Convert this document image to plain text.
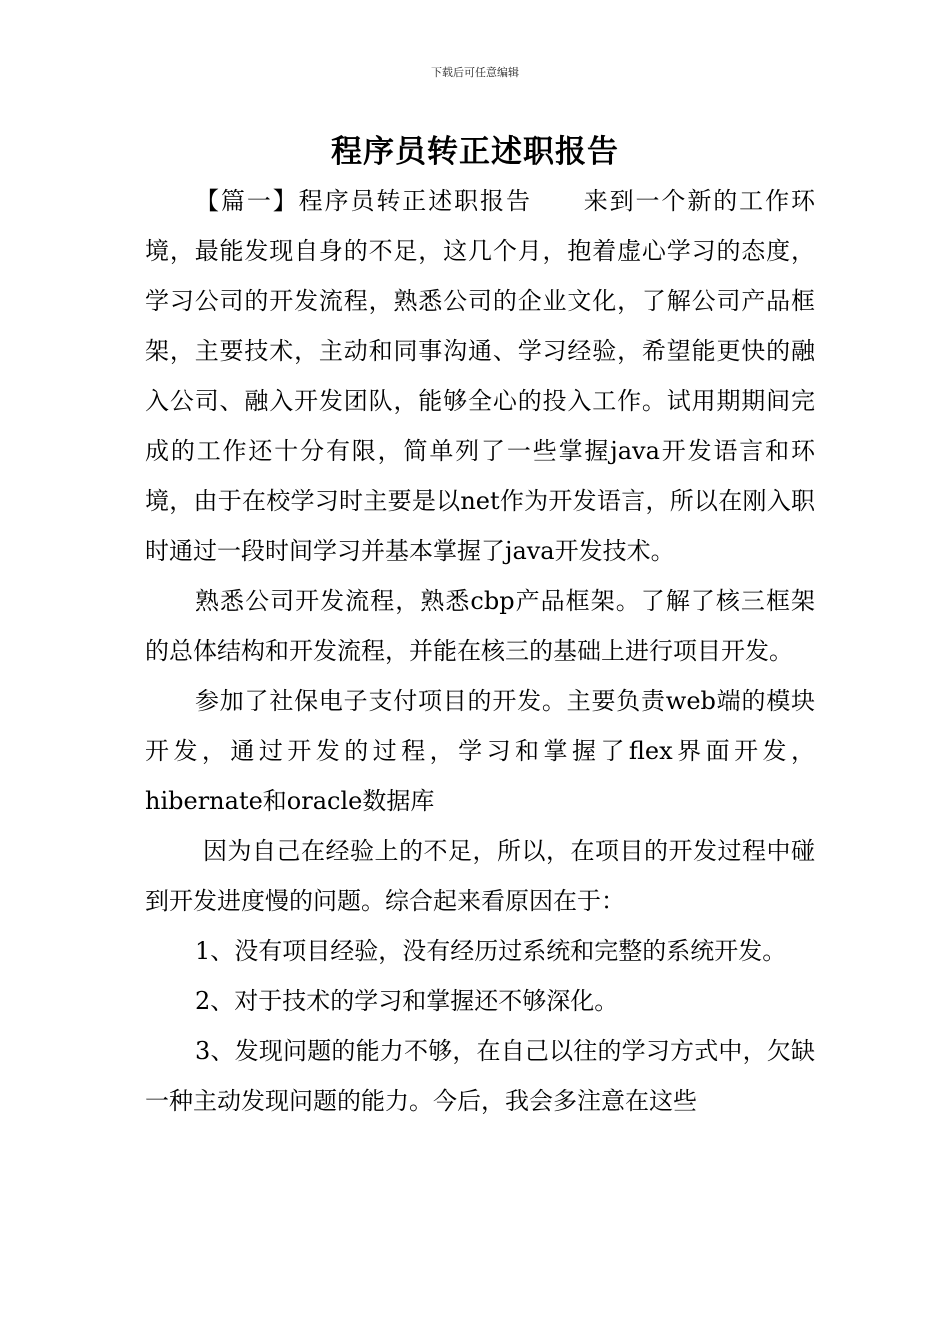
下载后可任意编辑
程序员转正述职报告

【篇一】程序员转正述职报告　　来到一个新的工作环境，最能发现自身的不足，这几个月，抱着虚心学习的态度，学习公司的开发流程，熟悉公司的企业文化，了解公司产品框架，主要技术，主动和同事沟通、学习经验，希望能更快的融入公司、融入开发团队，能够全心的投入工作。试用期期间完成的工作还十分有限，简单列了一些掌握java开发语言和环境，由于在校学习时主要是以net作为开发语言，所以在刚入职时通过一段时间学习并基本掌握了java开发技术。

熟悉公司开发流程，熟悉cbp产品框架。了解了核三框架的总体结构和开发流程，并能在核三的基础上进行项目开发。

参加了社保电子支付项目的开发。主要负责web端的模块开发，通过开发的过程，学习和掌握了flex界面开发，hibernate和oracle数据库

因为自己在经验上的不足，所以，在项目的开发过程中碰到开发进度慢的问题。综合起来看原因在于：

1、没有项目经验，没有经历过系统和完整的系统开发。

2、对于技术的学习和掌握还不够深化。

3、发现问题的能力不够，在自己以往的学习方式中，欠缺一种主动发现问题的能力。今后，我会多注意在这些
